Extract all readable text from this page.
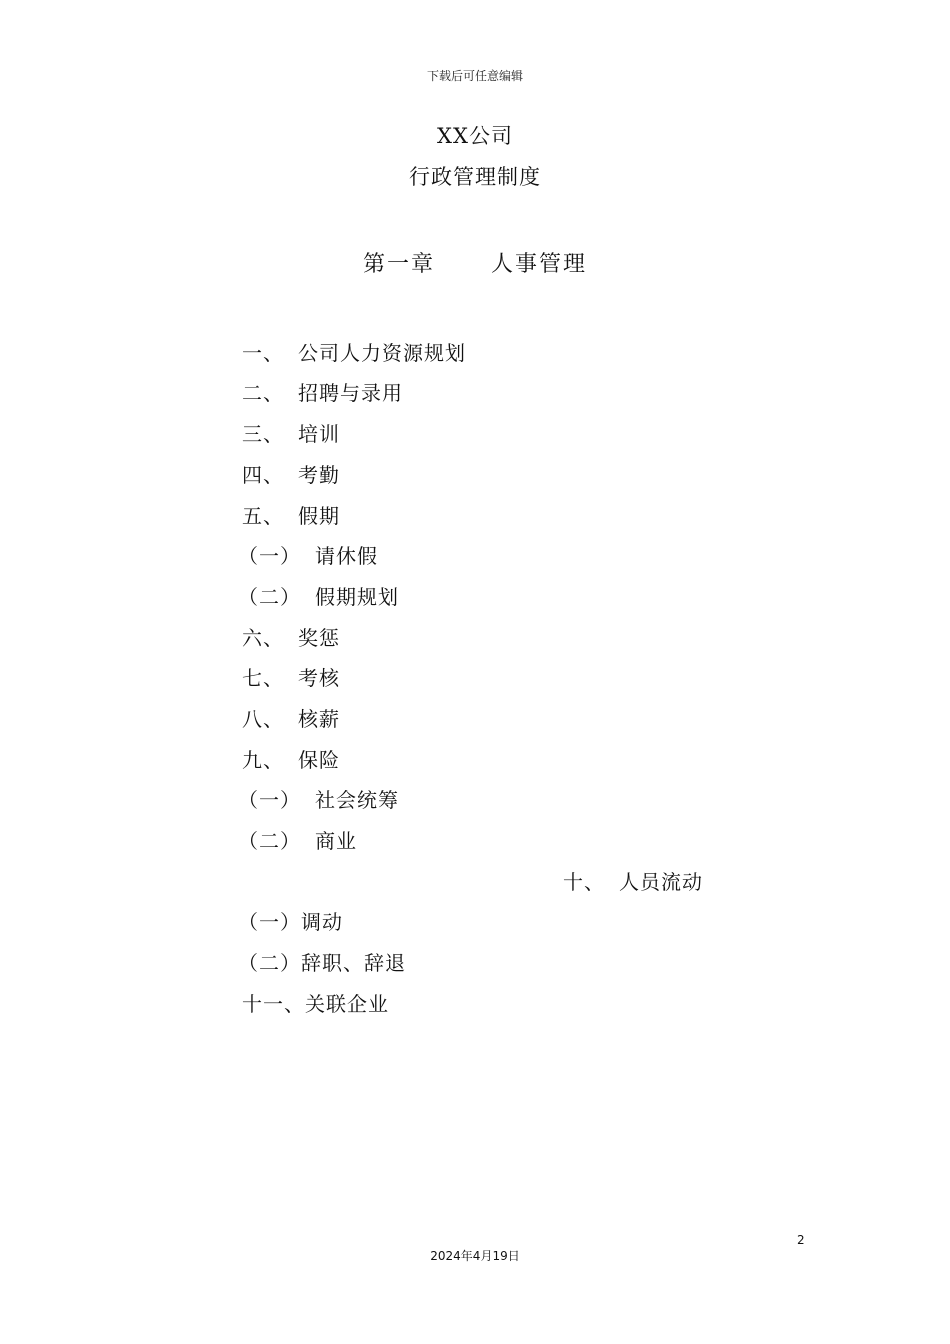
下载后可任意编辑
XX公司
行政管理制度
第一章	人事管理
一、 公司人力资源规划
二、 招聘与录用
三、 培训
四、 考勤
五、 假期
（一） 请休假
（二） 假期规划
六、 奖惩
七、 考核
八、 核薪
九、 保险
（一） 社会统筹
（二） 商业
十、 人员流动
（一）调动
（二）辞职、辞退
十一、关联企业
2
2024年4月19日
